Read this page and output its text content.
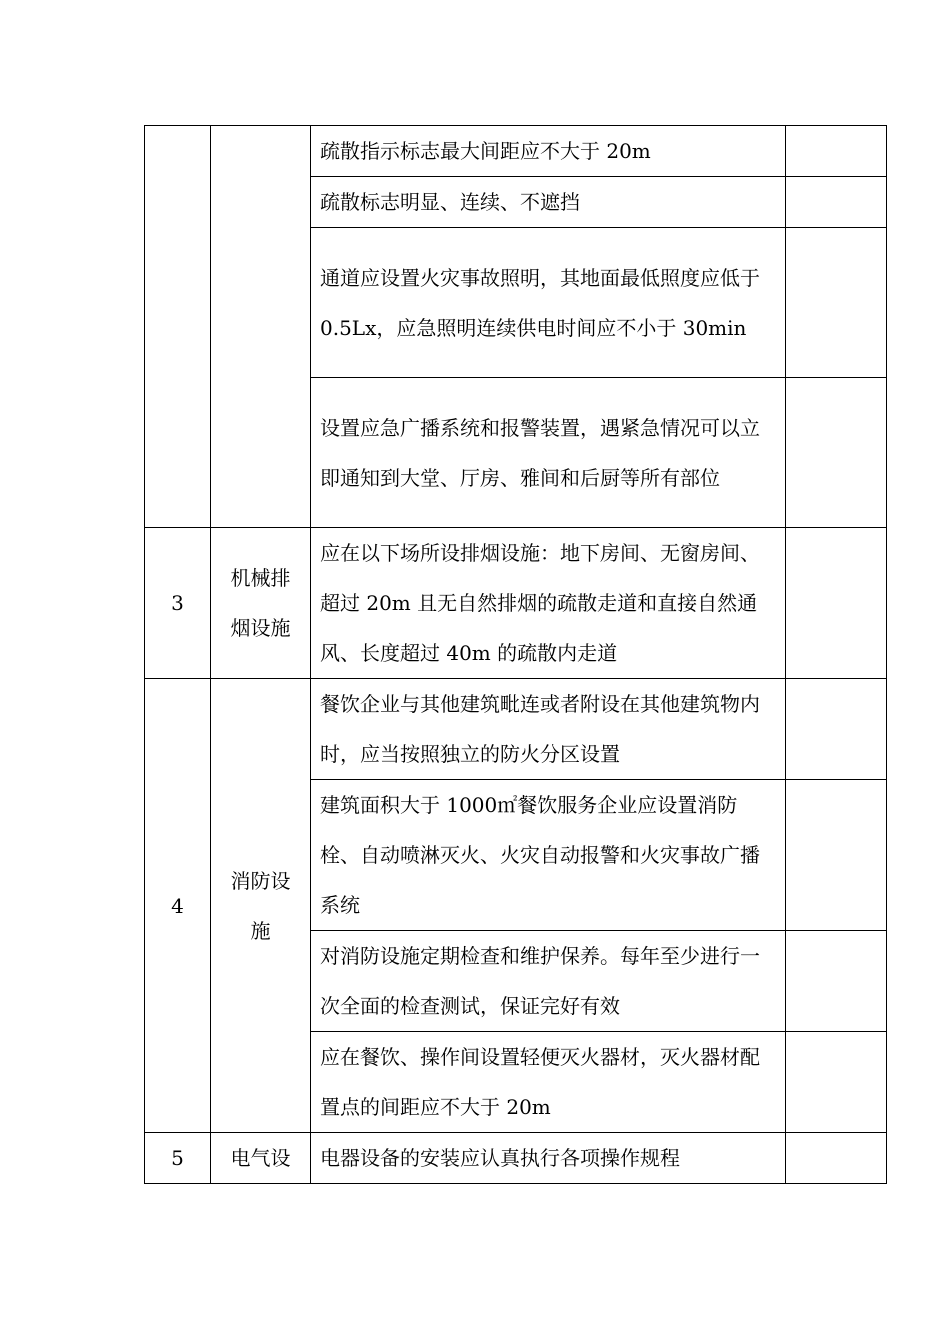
		疏散指示标志最大间距应不大于 20m	
		疏散标志明显、连续、不遮挡	
		通道应设置火灾事故照明，其地面最低照度应低于 0.5Lx，应急照明连续供电时间应不小于 30min	
		设置应急广播系统和报警装置，遇紧急情况可以立即通知到大堂、厅房、雅间和后厨等所有部位	
3	机械排烟设施	应在以下场所设排烟设施：地下房间、无窗房间、超过 20m 且无自然排烟的疏散走道和直接自然通风、长度超过 40m 的疏散内走道	
4	消防设施	餐饮企业与其他建筑毗连或者附设在其他建筑物内时，应当按照独立的防火分区设置	
		建筑面积大于 1000㎡餐饮服务企业应设置消防栓、自动喷淋灭火、火灾自动报警和火灾事故广播系统	
		对消防设施定期检查和维护保养。每年至少进行一次全面的检查测试，保证完好有效	
		应在餐饮、操作间设置轻便灭火器材，灭火器材配置点的间距应不大于 20m	
5	电气设	电器设备的安装应认真执行各项操作规程	
